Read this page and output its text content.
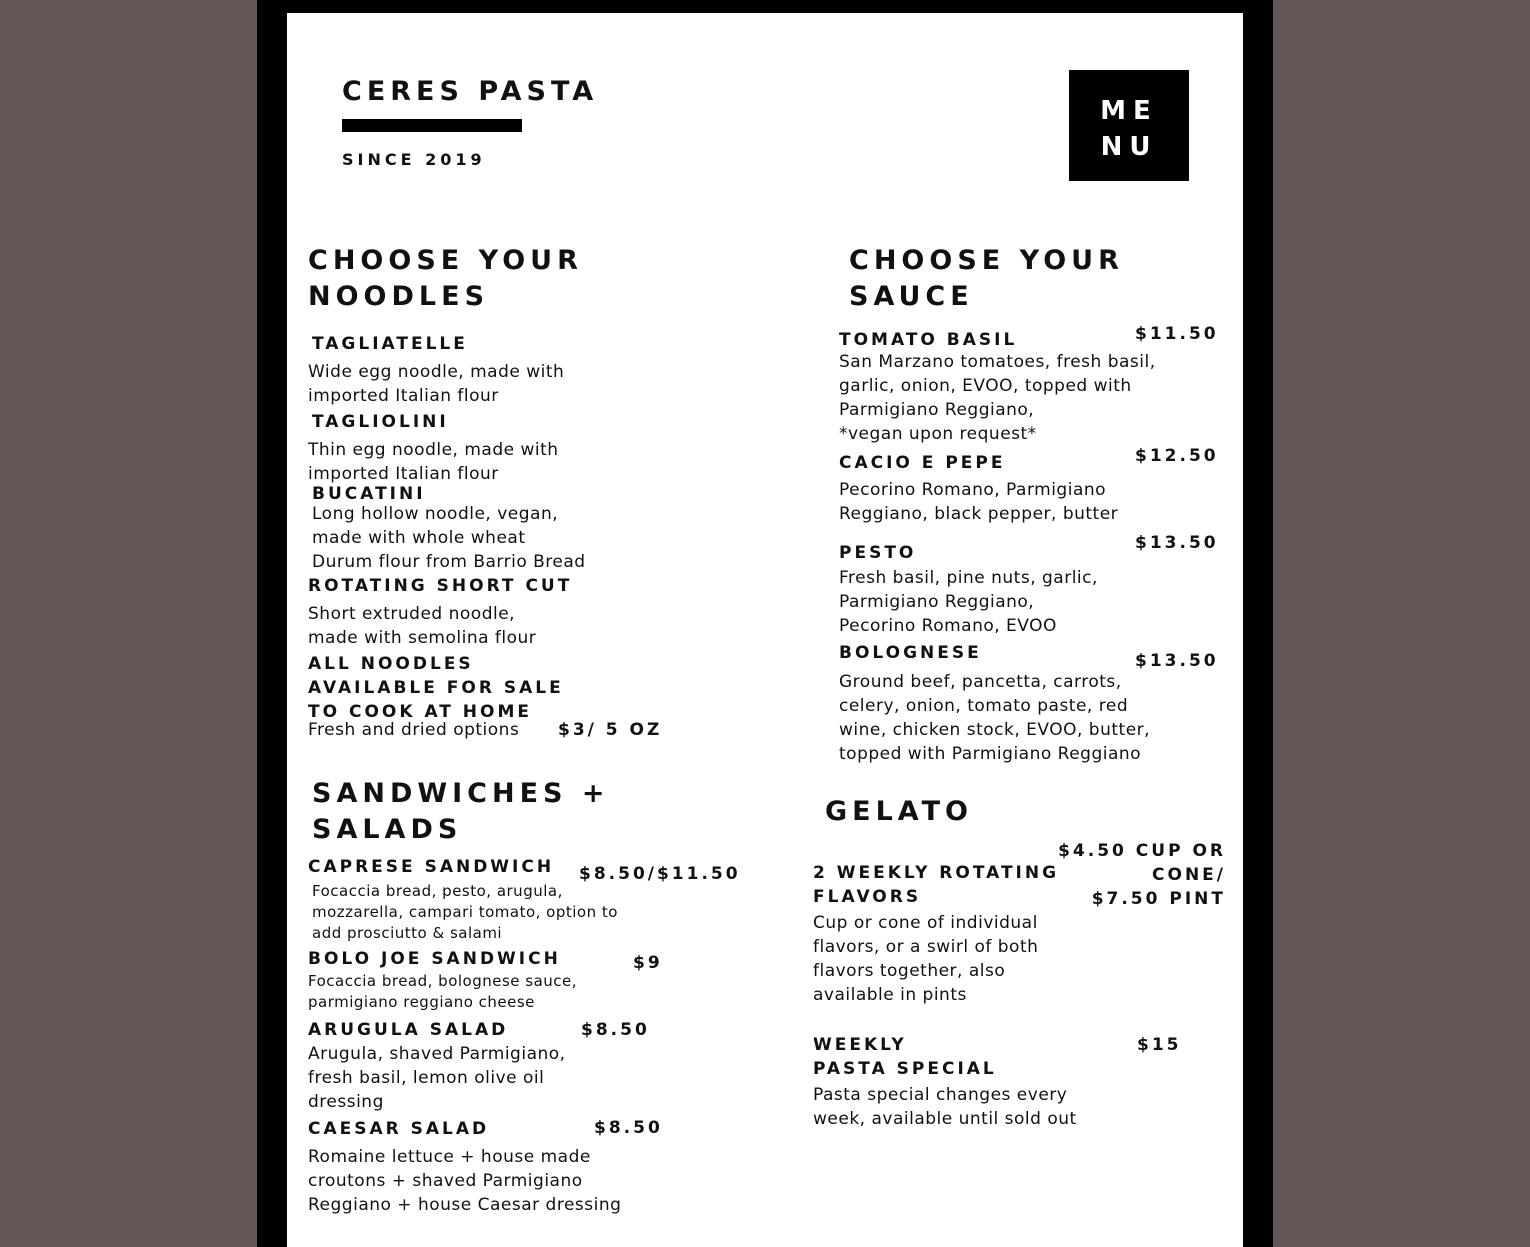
CERES PASTA
SINCE 2019
ME
NU
CHOOSE YOUR
NOODLES
TAGLIATELLE
Wide egg noodle, made with
imported Italian flour
TAGLIOLINI
Thin egg noodle, made with
imported Italian flour
BUCATINI
Long hollow noodle, vegan,
made with whole wheat
Durum flour from Barrio Bread
ROTATING SHORT CUT
Short extruded noodle,
made with semolina flour
ALL NOODLES
AVAILABLE FOR SALE
TO COOK AT HOME
Fresh and dried options $3/ 5 OZ
SANDWICHES +
SALADS
CAPRESE SANDWICH $8.50/$11.50
Focaccia bread, pesto, arugula,
mozzarella, campari tomato, option to
add prosciutto & salami
BOLO JOE SANDWICH	$9
Focaccia bread, bolognese sauce,
parmigiano reggiano cheese
ARUGULA SALAD	$8.50
Arugula, shaved Parmigiano,
fresh basil, lemon olive oil
dressing
CAESAR SALAD	$8.50
Romaine lettuce + house made
croutons + shaved Parmigiano
Reggiano + house Caesar dressing
CHOOSE YOUR
SAUCE
TOMATO BASIL	$11.50
San Marzano tomatoes, fresh basil,
garlic, onion, EVOO, topped with
Parmigiano Reggiano,
*vegan upon request*
CACIO E PEPE	$12.50
Pecorino Romano, Parmigiano
Reggiano, black pepper, butter
PESTO	$13.50
Fresh basil, pine nuts, garlic,
Parmigiano Reggiano,
Pecorino Romano, EVOO
BOLOGNESE	$13.50
Ground beef, pancetta, carrots,
celery, onion, tomato paste, red
wine, chicken stock, EVOO, butter,
topped with Parmigiano Reggiano
GELATO
2 WEEKLY ROTATING
FLAVORS
$4.50 CUP OR
CONE/
$7.50 PINT
Cup or cone of individual
flavors, or a swirl of both
flavors together, also
available in pints
WEEKLY
PASTA SPECIAL
$15
Pasta special changes every
week, available until sold out
